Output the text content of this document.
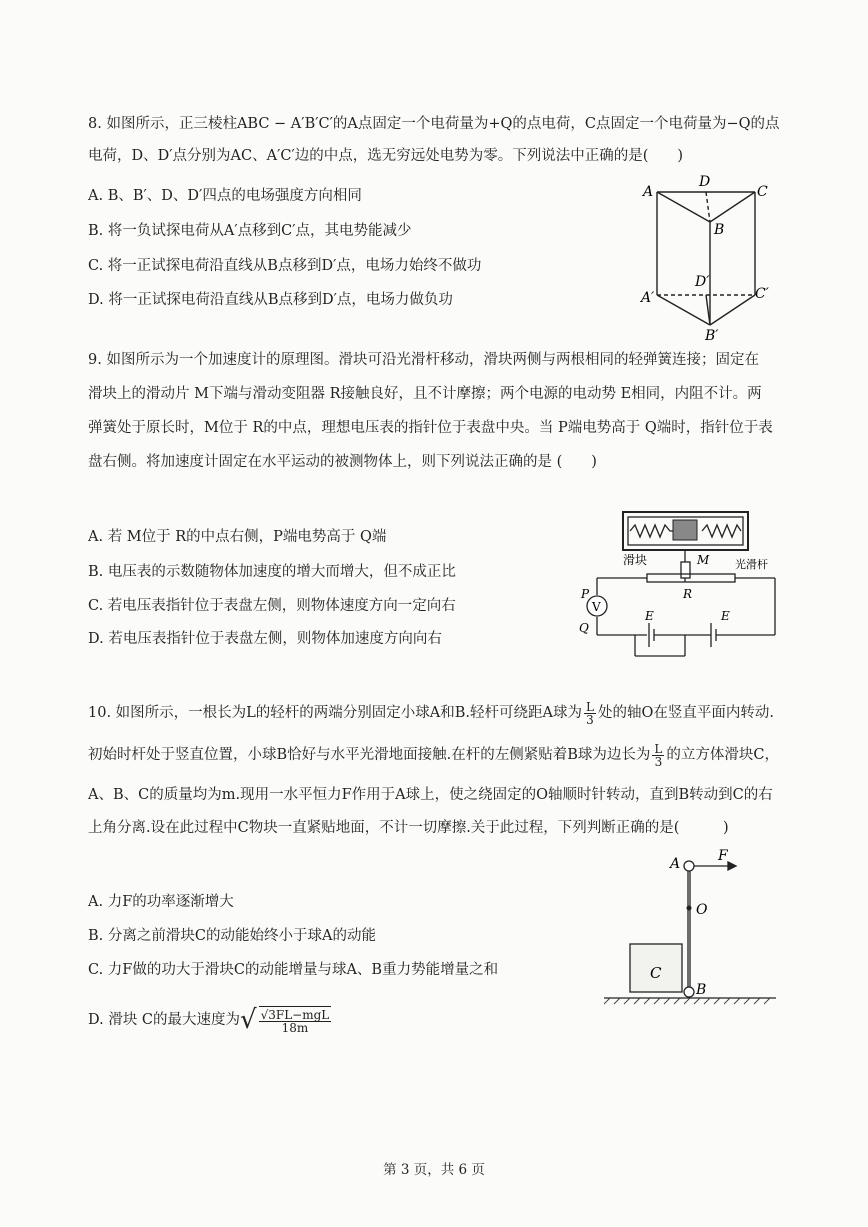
8. 如图所示，正三棱柱ABC − A′B′C′的A点固定一个电荷量为+Q的点电荷，C点固定一个电荷量为−Q的点
电荷，D、D′点分别为AC、A′C′边的中点，选无穷远处电势为零。下列说法中正确的是(　　)
A. B、B′、D、D′四点的电场强度方向相同
B. 将一负试探电荷从A′点移到C′点，其电势能减少
C. 将一正试探电荷沿直线从B点移到D′点，电场力始终不做功
D. 将一正试探电荷沿直线从B点移到D′点，电场力做负功
A
D
C
B
D′
A′	C′
B′
9. 如图所示为一个加速度计的原理图。滑块可沿光滑杆移动，滑块两侧与两根相同的轻弹簧连接；固定在
滑块上的滑动片 M下端与滑动变阻器 R接触良好，且不计摩擦；两个电源的电动势 E相同，内阻不计。两
弹簧处于原长时，M位于 R的中点，理想电压表的指针位于表盘中央。当 P端电势高于 Q端时，指针位于表
盘右侧。将加速度计固定在水平运动的被测物体上，则下列说法正确的是 (　　)
A. 若 M位于 R的中点右侧，P端电势高于 Q端
B. 电压表的示数随物体加速度的增大而增大，但不成正比
C. 若电压表指针位于表盘左侧，则物体速度方向一定向右
D. 若电压表指针位于表盘左侧，则物体加速度方向向右
V
滑块	光滑杆
M
R
P
Q
E	E
10. 如图所示，一根长为L的轻杆的两端分别固定小球A和B.轻杆可绕距A球为 $\frac{L}{3}$ 处的轴O在竖直平面内转动.
初始时杆处于竖直位置，小球B恰好与水平光滑地面接触.在杆的左侧紧贴着B球为边长为 $\frac{L}{3}$ 的立方体滑块C，
A、B、C的质量均为m.现用一水平恒力F作用于A球上，使之绕固定的O轴顺时针转动，直到B转动到C的右
上角分离.设在此过程中C物块一直紧贴地面，不计一切摩擦.关于此过程，下列判断正确的是(　　　)
A. 力F的功率逐渐增大
B. 分离之前滑块C的动能始终小于球A的动能
C. 力F做的功大于滑块C的动能增量与球A、B重力势能增量之和
D. 滑块 C的最大速度为√ $\frac{\text{√3FL−mgL}}{18m}$
A	F
O
C
B
第 3 页，共 6 页
